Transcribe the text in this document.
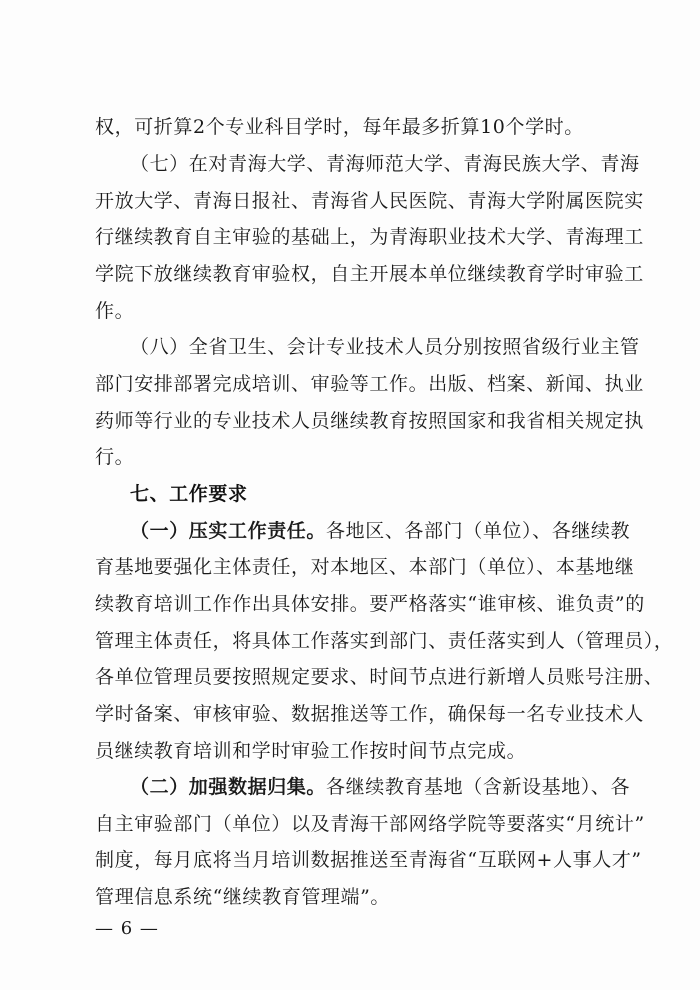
权，可折算2个专业科目学时，每年最多折算10个学时。
（七）在对青海大学、青海师范大学、青海民族大学、青海
开放大学、青海日报社、青海省人民医院、青海大学附属医院实
行继续教育自主审验的基础上，为青海职业技术大学、青海理工
学院下放继续教育审验权，自主开展本单位继续教育学时审验工
作。
（八）全省卫生、会计专业技术人员分别按照省级行业主管
部门安排部署完成培训、审验等工作。出版、档案、新闻、执业
药师等行业的专业技术人员继续教育按照国家和我省相关规定执
行。
七、工作要求
（一）压实工作责任。各地区、各部门（单位）、各继续教
育基地要强化主体责任，对本地区、本部门（单位）、本基地继
续教育培训工作作出具体安排。要严格落实“谁审核、谁负责”的
管理主体责任，将具体工作落实到部门、责任落实到人（管理员），
各单位管理员要按照规定要求、时间节点进行新增人员账号注册、
学时备案、审核审验、数据推送等工作，确保每一名专业技术人
员继续教育培训和学时审验工作按时间节点完成。
（二）加强数据归集。各继续教育基地（含新设基地）、各
自主审验部门（单位）以及青海干部网络学院等要落实“月统计”
制度，每月底将当月培训数据推送至青海省“互联网+人事人才”
管理信息系统“继续教育管理端”。
— 6 —
